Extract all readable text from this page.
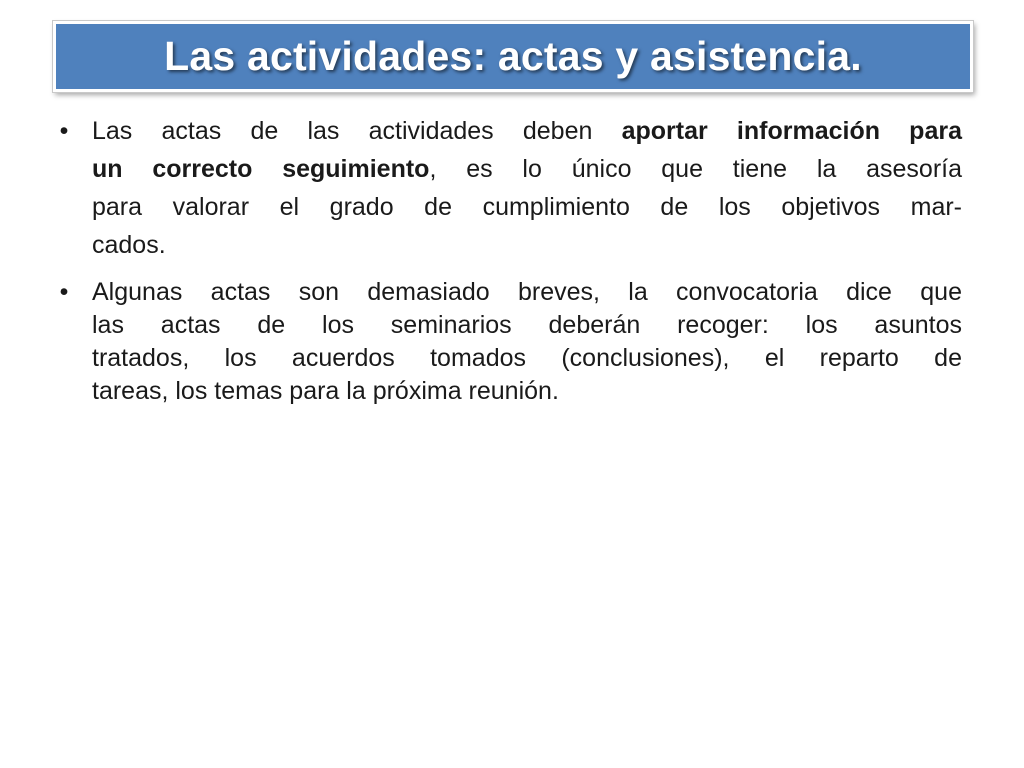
Las actividades: actas y asistencia.
• Las actas de las actividades deben aportar información para
un correcto seguimiento, es lo único que tiene la asesoría
para valorar el grado de cumplimiento de los objetivos mar-
cados.
• Algunas actas son demasiado breves, la convocatoria dice que
las actas de los seminarios deberán recoger: los asuntos
tratados, los acuerdos tomados (conclusiones), el reparto de
tareas, los temas para la próxima reunión.
